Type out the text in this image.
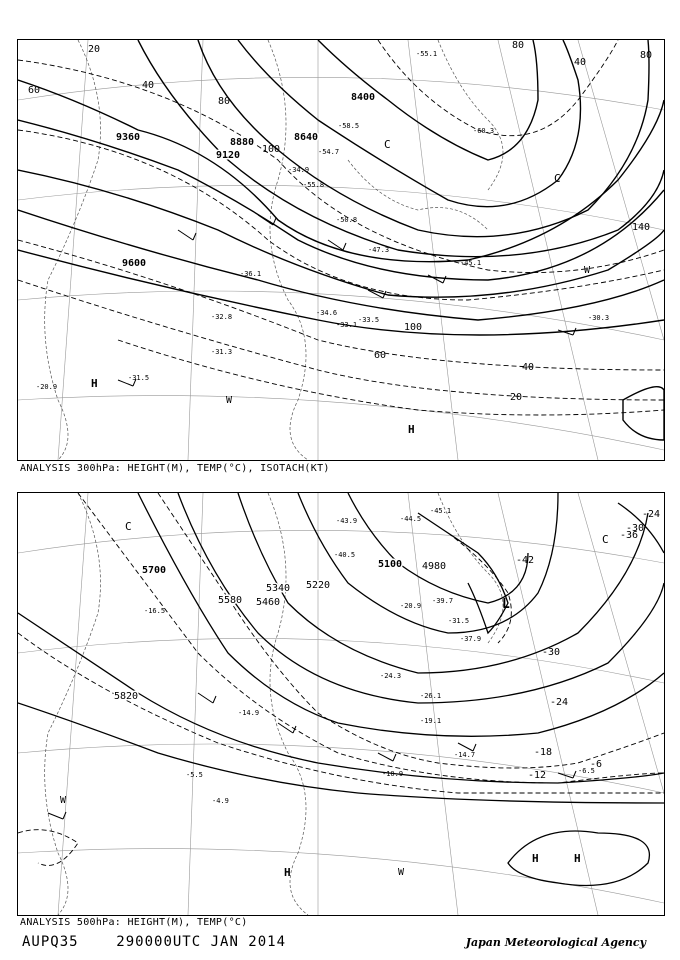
9360
9120
8880	8640
8400
9600
20
40
60
80
100
140
100
60
40
20
80
40
80
-55.1
-58.5
-60.3
-54.7
-55.8
-50.8
-47.3
-45.1
-36.1
-34.6
-33.5
-31.5
-30.3
-33.1
-31.3
-32.8
-34.9
-20.9	H
W
H
C
C
W
ANALYSIS 300hPa: HEIGHT(M), TEMP(°C), ISOTACH(KT)
5700
5580 5460
5340 5220
5100 4980
5820
-42
-36
-30
-24
-18
-12
-6
-30
-24
-44.5
-45.1
-43.9
-40.5
-39.7
-37.9
-31.5
-26.1
-24.3
-20.9
-19.1
-14.7
-10.9	-6.5
-5.5
-4.9
-14.9
-16.5	L
C
C
H
H	H
W
W
ANALYSIS 500hPa: HEIGHT(M), TEMP(°C)
AUPQ35	290000UTC JAN 2014	Japan Meteorological Agency
